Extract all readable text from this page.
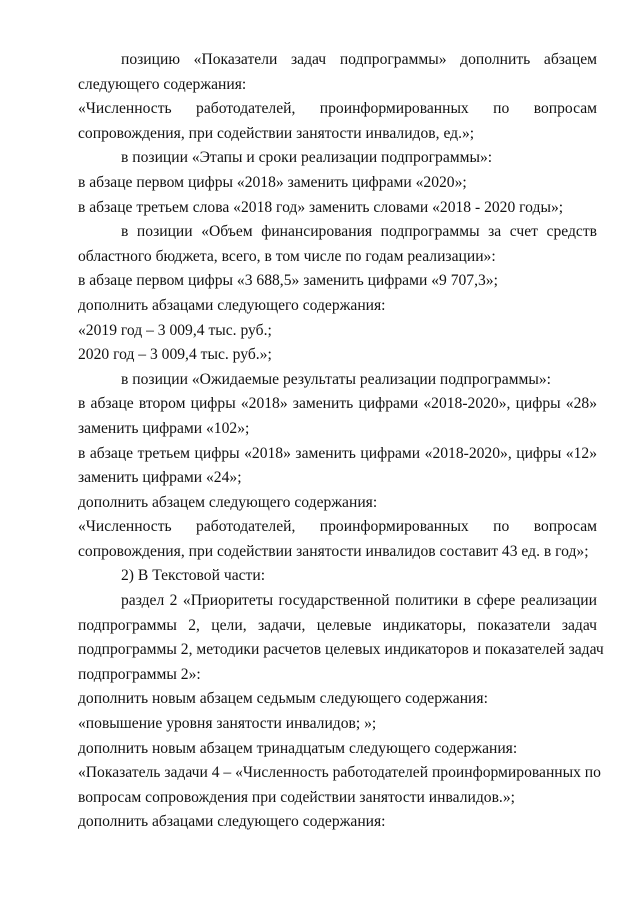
позицию «Показатели задач подпрограммы» дополнить абзацем
следующего содержания:
«Численность работодателей, проинформированных по вопросам
сопровождения, при содействии занятости инвалидов, ед.»;
в позиции «Этапы и сроки реализации подпрограммы»:
в абзаце первом цифры «2018» заменить цифрами «2020»;
в абзаце третьем слова «2018 год» заменить словами «2018 - 2020 годы»;
в позиции «Объем финансирования подпрограммы за счет средств
областного бюджета, всего, в том числе по годам реализации»:
в абзаце первом цифры «3 688,5» заменить цифрами «9 707,3»;
дополнить абзацами следующего содержания:
«2019 год – 3 009,4 тыс. руб.;
2020 год – 3 009,4 тыс. руб.»;
в позиции «Ожидаемые результаты реализации подпрограммы»:
в абзаце втором цифры «2018» заменить цифрами «2018-2020», цифры «28»
заменить цифрами «102»;
в абзаце третьем цифры «2018» заменить цифрами «2018-2020», цифры «12»
заменить цифрами «24»;
дополнить абзацем следующего содержания:
«Численность работодателей, проинформированных по вопросам
сопровождения, при содействии занятости инвалидов составит 43 ед. в год»;
2) В Текстовой части:
раздел 2 «Приоритеты государственной политики в сфере реализации
подпрограммы 2, цели, задачи, целевые индикаторы, показатели задач
подпрограммы 2, методики расчетов целевых индикаторов и показателей задач
подпрограммы 2»:
дополнить новым абзацем седьмым следующего содержания:
«повышение уровня занятости инвалидов; »;
дополнить новым абзацем тринадцатым следующего содержания:
«Показатель задачи 4 – «Численность работодателей проинформированных по
вопросам сопровождения при содействии занятости инвалидов.»;
дополнить абзацами следующего содержания:
